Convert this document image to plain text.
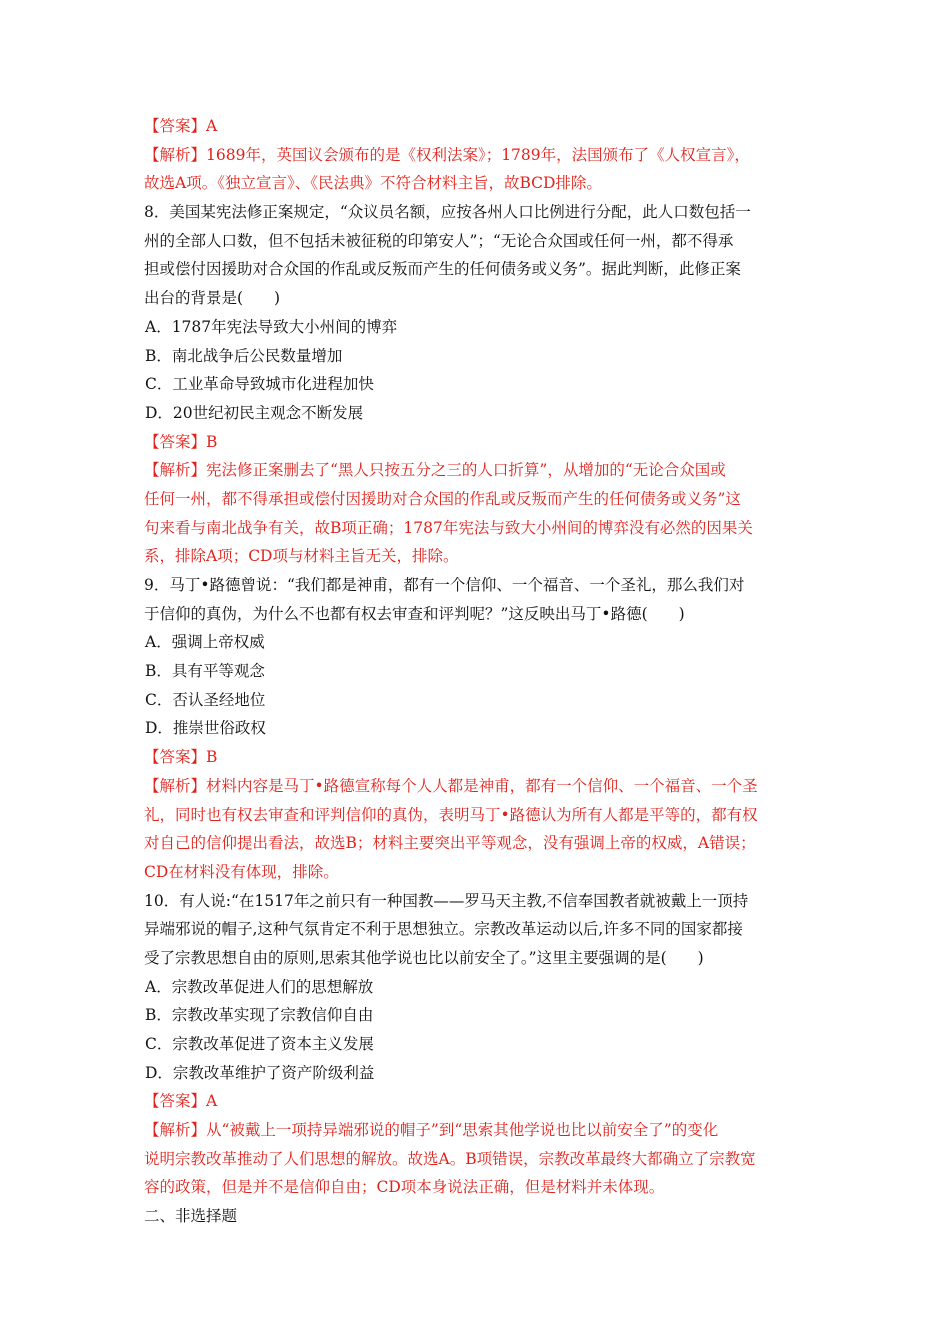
【答案】A
【解析】1689年，英国议会颁布的是《权利法案》；1789年，法国颁布了《人权宣言》，
故选A项。《独立宣言》、《民法典》不符合材料主旨，故BCD排除。
8．美国某宪法修正案规定，“众议员名额，应按各州人口比例进行分配，此人口数包括一
州的全部人口数，但不包括未被征税的印第安人”；“无论合众国或任何一州，都不得承
担或偿付因援助对合众国的作乱或反叛而产生的任何债务或义务”。据此判断，此修正案
出台的背景是(　　)
A．1787年宪法导致大小州间的博弈
B．南北战争后公民数量增加
C．工业革命导致城市化进程加快
D．20世纪初民主观念不断发展
【答案】B
【解析】宪法修正案删去了“黑人只按五分之三的人口折算”，从增加的“无论合众国或
任何一州，都不得承担或偿付因援助对合众国的作乱或反叛而产生的任何债务或义务”这
句来看与南北战争有关，故B项正确；1787年宪法与致大小州间的博弈没有必然的因果关
系，排除A项；CD项与材料主旨无关，排除。
9．马丁•路德曾说：“我们都是神甫，都有一个信仰、一个福音、一个圣礼，那么我们对
于信仰的真伪，为什么不也都有权去审查和评判呢？”这反映出马丁•路德(　　)
A．强调上帝权威
B．具有平等观念
C．否认圣经地位
D．推崇世俗政权
【答案】B
【解析】材料内容是马丁•路德宣称每个人人都是神甫，都有一个信仰、一个福音、一个圣
礼，同时也有权去审查和评判信仰的真伪，表明马丁•路德认为所有人都是平等的，都有权
对自己的信仰提出看法，故选B；材料主要突出平等观念，没有强调上帝的权威，A错误；
CD在材料没有体现，排除。
10．有人说:“在1517年之前只有一种国教——罗马天主教,不信奉国教者就被戴上一顶持
异端邪说的帽子,这种气氛肯定不利于思想独立。宗教改革运动以后,许多不同的国家都接
受了宗教思想自由的原则,思索其他学说也比以前安全了。”这里主要强调的是(　　)
A．宗教改革促进人们的思想解放
B．宗教改革实现了宗教信仰自由
C．宗教改革促进了资本主义发展
D．宗教改革维护了资产阶级利益
【答案】A
【解析】从“被戴上一项持异端邪说的帽子”到“思索其他学说也比以前安全了”的变化
说明宗教改革推动了人们思想的解放。故选A。B项错误，宗教改革最终大都确立了宗教宽
容的政策，但是并不是信仰自由；CD项本身说法正确，但是材料并未体现。
二、非选择题
